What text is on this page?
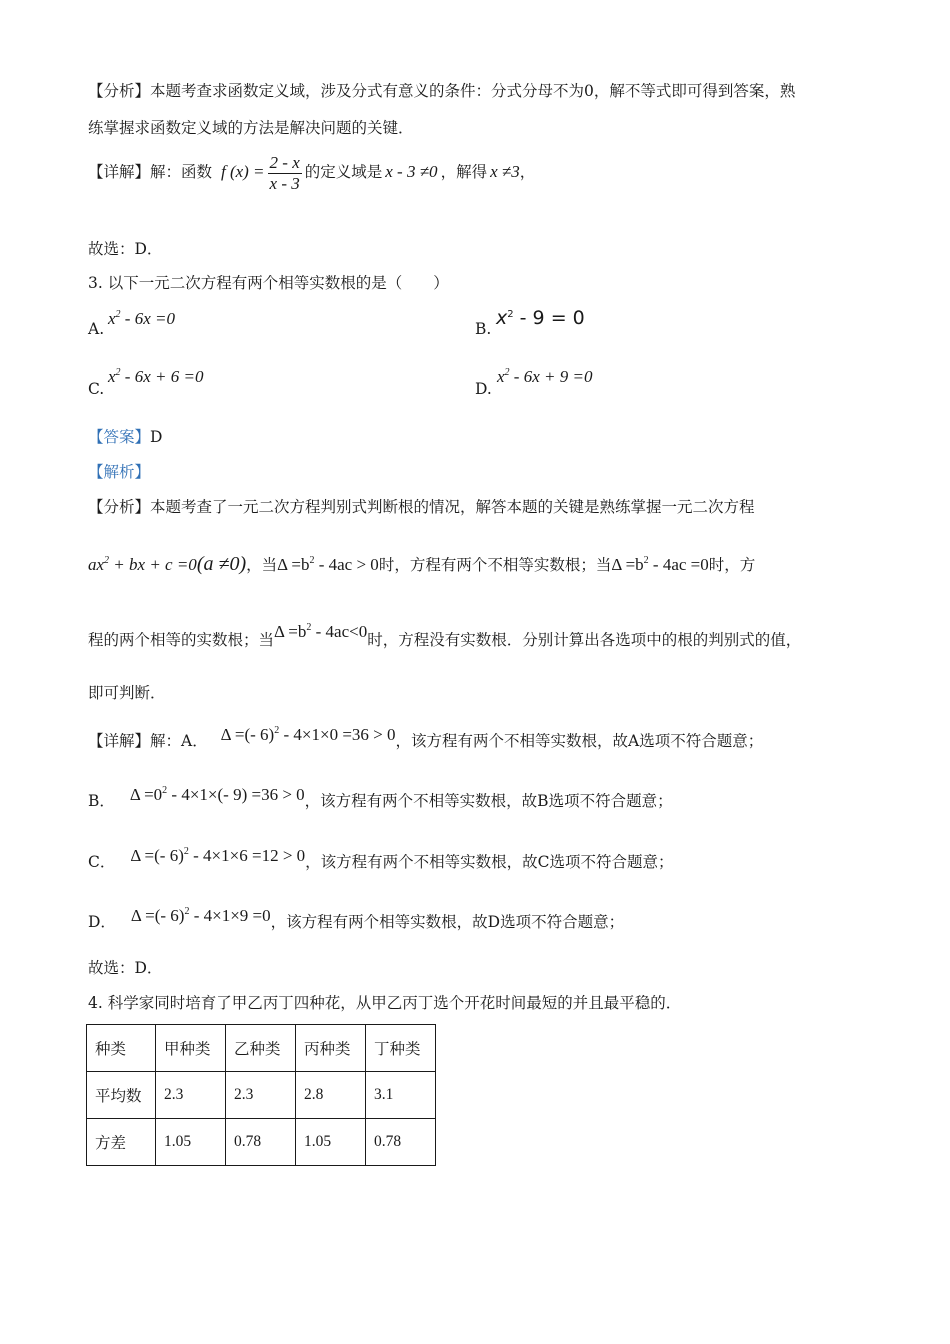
【分析】本题考查求函数定义域，涉及分式有意义的条件：分式分母不为0，解不等式即可得到答案，熟
练掌握求函数定义域的方法是解决问题的关键．
【详解】解：函数 f $(x) = \frac{2 - x}{x - 3}$ 的定义域是 x - 3 ≠0 ，解得 x ≠3，
故选：D．
3. 以下一元二次方程有两个相等实数根的是（　　）
A.
$x^2 - 6x =0$
B. $x^2 - 9 = 0$
C.
$x^2 - 6x + 6 =0$
D.
$x^2 - 6x + 9 =0$
【答案】D
【解析】
【分析】本题考查了一元二次方程判别式判断根的情况，解答本题的关键是熟练掌握一元二次方程
$ax^2$ + bx + c =0(a ≠0)，当$\Delta =b^2 - 4ac > 0$时，方程有两个不相等实数根；当$\Delta =b^2 - 4ac =0$时，方
程的两个相等的实数根；当$\Delta =b^2 - 4ac<0$时，方程没有实数根．分别计算出各选项中的根的判别式的值，
即可判断．
【详解】解：A． Δ =(- 6)$^2$ - 4×1×0 =36 > 0，该方程有两个不相等实数根，故A选项不符合题意；
B． $\Delta =0^2 - 4\times 1\times(-$ 9) =36 > 0，该方程有两个不相等实数根，故B选项不符合题意；
C． Δ =(- 6)$^2$ - 4×1×6 =12 > 0，该方程有两个不相等实数根，故C选项不符合题意；
D． Δ =(- 6)$^2$ - 4×1×9 =0，该方程有两个相等实数根，故D选项不符合题意；
故选：D．
4. 科学家同时培育了甲乙丙丁四种花，从甲乙丙丁选个开花时间最短的并且最平稳的．
种类	甲种类	乙种类	丙种类	丁种类
平均数	2.3	2.3	2.8	3.1
方差	1.05	0.78	1.05	0.78
